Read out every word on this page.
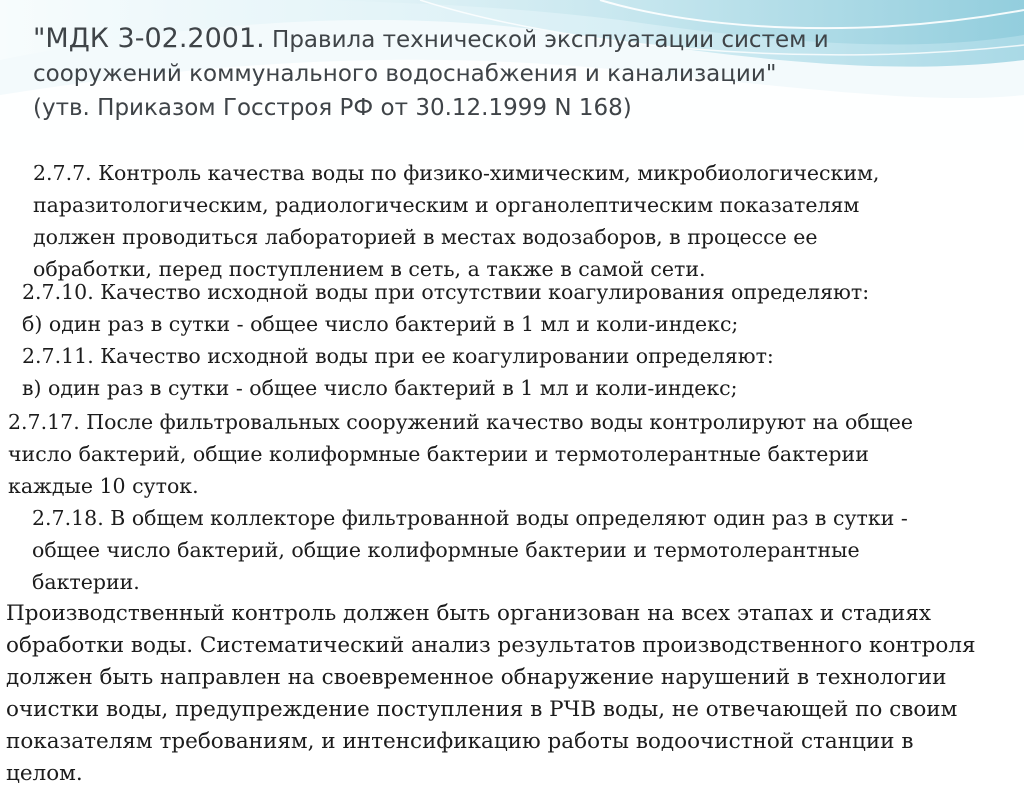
"МДК 3-02.2001. Правила технической эксплуатации систем и
сооружений коммунального водоснабжения и канализации"
(утв. Приказом Госстроя РФ от 30.12.1999 N 168)
2.7.7. Контроль качества воды по физико-химическим, микробиологическим,
паразитологическим, радиологическим и органолептическим показателям
должен проводиться лабораторией в местах водозаборов, в процессе ее
обработки, перед поступлением в сеть, а также в самой сети.
2.7.10. Качество исходной воды при отсутствии коагулирования определяют:
б) один раз в сутки - общее число бактерий в 1 мл и коли-индекс;
2.7.11. Качество исходной воды при ее коагулировании определяют:
в) один раз в сутки - общее число бактерий в 1 мл и коли-индекс;
2.7.17. После фильтровальных сооружений качество воды контролируют на общее
число бактерий, общие колиформные бактерии и термотолерантные бактерии
каждые 10 суток.
2.7.18. В общем коллекторе фильтрованной воды определяют один раз в сутки -
общее число бактерий, общие колиформные бактерии и термотолерантные
бактерии.
Производственный контроль должен быть организован на всех этапах и стадиях
обработки воды. Систематический анализ результатов производственного контроля
должен быть направлен на своевременное обнаружение нарушений в технологии
очистки воды, предупреждение поступления в РЧВ воды, не отвечающей по своим
показателям требованиям, и интенсификацию работы водоочистной станции в
целом.
